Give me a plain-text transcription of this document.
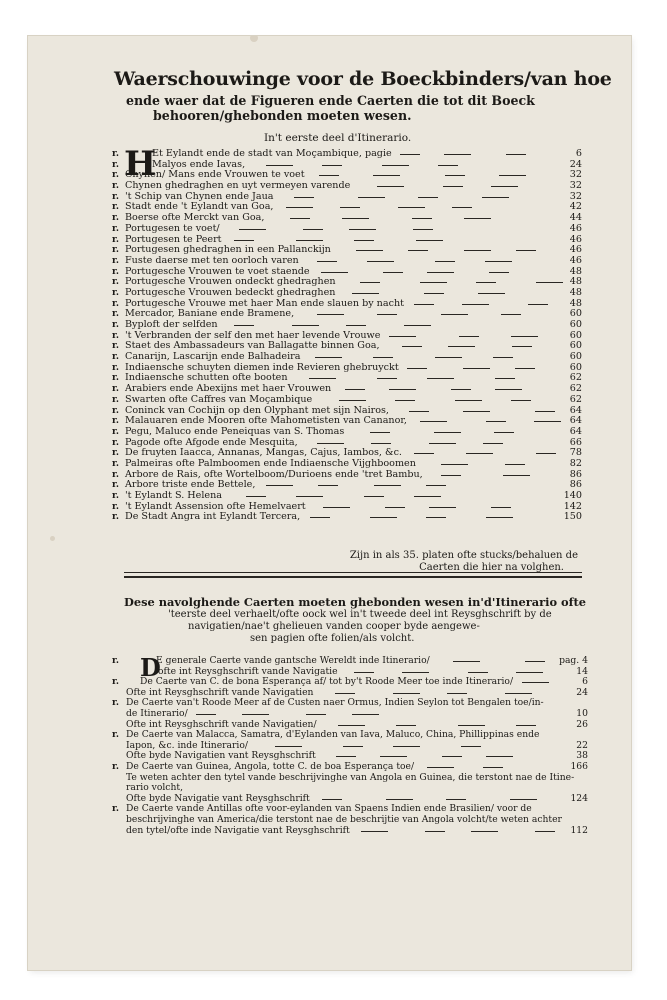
Waerschouwinge voor de Boeckbinders/van hoe
ende waer dat de Figueren ende Caerten die tot dit Boeck
behooren/ghebonden moeten wesen.
In't eerste deel d'Itinerario.
H
r.	Et Eylandt ende de stadt van Moçambique, pagie	6
r.	Malyos ende Iavas,	24
r. Chynen/ Mans ende Vrouwen te voet	32
r. Chynen ghedraghen en uyt vermeyen varende	32
r. 't Schip van Chynen ende Jaua	32
r. Stadt ende 't Eylandt van Goa,	42
r. Boerse ofte Merckt van Goa,	44
r. Portugesen te voet/	46
r. Portugesen te Peert	46
r. Portugesen ghedraghen in een Pallanckijn	46
r. Fuste daerse met ten oorloch varen	46
r. Portugesche Vrouwen te voet staende	48
r. Portugesche Vrouwen ondeckt ghedraghen	48
r. Portugesche Vrouwen bedeckt ghedraghen	48
r. Portugesche Vrouwe met haer Man ende slauen by nacht	48
r. Mercador, Baniane ende Bramene,	60
r. Byploft der selfden	60
r. 't Verbranden der self den met haer levende Vrouwe	60
r. Staet des Ambassadeurs van Ballagatte binnen Goa,	60
r. Canarijn, Lascarijn ende Balhadeira	60
r. Indiaensche schuyten diemen inde Revieren ghebruyckt	60
r. Indiaensche schutten ofte booten	62
r. Arabiers ende Abexijns met haer Vrouwen	62
r. Swarten ofte Caffres van Moçambique	62
r. Coninck van Cochijn op den Olyphant met sijn Nairos,	64
r. Malauaren ende Mooren ofte Mahometisten van Cananor,	64
r. Pegu, Maluco ende Peneiquas van S. Thomas	64
r. Pagode ofte Afgode ende Mesquita,	66
r. De fruyten Iaacca, Annanas, Mangas, Cajus, Iambos, &c.	78
r. Palmeiras ofte Palmboomen ende Indiaensche Vijghboomen	82
r. Arbore de Rais, ofte Wortelboom/Durioens ende 'tret Bambu,	86
r. Arbore triste ende Bettele,	86
r. 't Eylandt S. Helena	140
r. 't Eylandt Assension ofte Hemelvaert	142
r. De Stadt Angra int Eylandt Tercera,	150
Zijn in als 35. platen ofte stucks/behaluen de
Caerten die hier na volghen.
Dese navolghende Caerten moeten ghebonden wesen in'd'Itinerario ofte
'teerste deel verhaelt/ofte oock wel in't tweede deel int Reysghschrift by de
navigatien/nae't ghelieuen vanden cooper byde aengewe-
sen pagien ofte folien/als volcht.
D
r.	E generale Caerte vande gantsche Wereldt inde Itinerario/	pag. 4
ofte int Reysghschrift vande Navigatie	14
r. De Caerte van C. de bona Esperança af/ tot by't Roode Meer toe inde Itinerario/	6
Ofte int Reysghschrift vande Navigatien	24
r. De Caerte van't Roode Meer af de Custen naer Ormus, Indien Seylon tot Bengalen toe/in-
de Itinerario/	10
Ofte int Reysghschrift vande Navigatien/	26
r. De Caerte van Malacca, Samatra, d'Eylanden van Iava, Maluco, China, Phillippinas ende
Iapon, &c. inde Itinerario/	22
Ofte byde Navigatien vant Reysghschrift	38
r. De Caerte van Guinea, Angola, totte C. de boa Esperança toe/	166
Te weten achter den tytel vande beschrijvinghe van Angola en Guinea, die terstont nae de Itine-
rario volcht,
Ofte byde Navigatie vant Reysghschrift	124
r. De Caerte vande Antillas ofte voor-eylanden van Spaens Indien ende Brasilien/ voor de
beschrijvinghe van America/die terstont nae de beschrijtie van Angola volcht/te weten achter
den tytel/ofte inde Navigatie vant Reysghschrift	112
